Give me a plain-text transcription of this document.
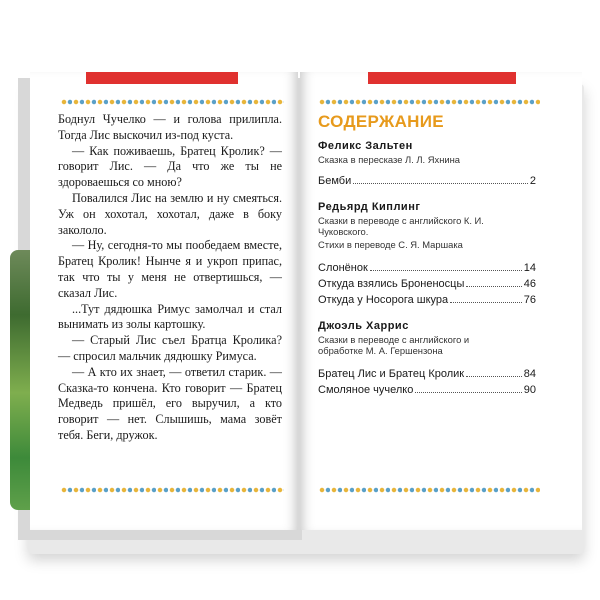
Боднул Чучелко — и голова прилипла. Тогда Лис выскочил из-под куста.

— Как поживаешь, Братец Кролик? — говорит Лис. — Да что же ты не здороваешься со мною?

Повалился Лис на землю и ну смеяться. Уж он хохотал, хохотал, даже в боку закололо.

— Ну, сегодня-то мы пообедаем вместе, Братец Кролик! Нынче я и укроп припас, так что ты у меня не отвертишься, — сказал Лис.

...Тут дядюшка Римус замолчал и стал вынимать из золы картошку.

— Старый Лис съел Братца Кролика? — спросил мальчик дядюшку Римуса.

— А кто их знает, — ответил старик. — Сказка-то кончена. Кто говорит — Братец Медведь пришёл, его выручил, а кто говорит — нет. Слышишь, мама зовёт тебя. Беги, дружок.

СОДЕРЖАНИЕ
Феликс Зальтен
Сказка в пересказе Л. Л. Яхнина
Бемби	2
Редьярд Киплинг
Сказки в переводе с английского К. И. Чуковского.
Стихи в переводе С. Я. Маршака
Слонёнок	14
Откуда взялись Броненосцы	46
Откуда у Носорога шкура	76
Джоэль Харрис
Сказки в переводе с английского и обработке М. А. Гершензона
Братец Лис и Братец Кролик	84
Смоляное чучелко	90
